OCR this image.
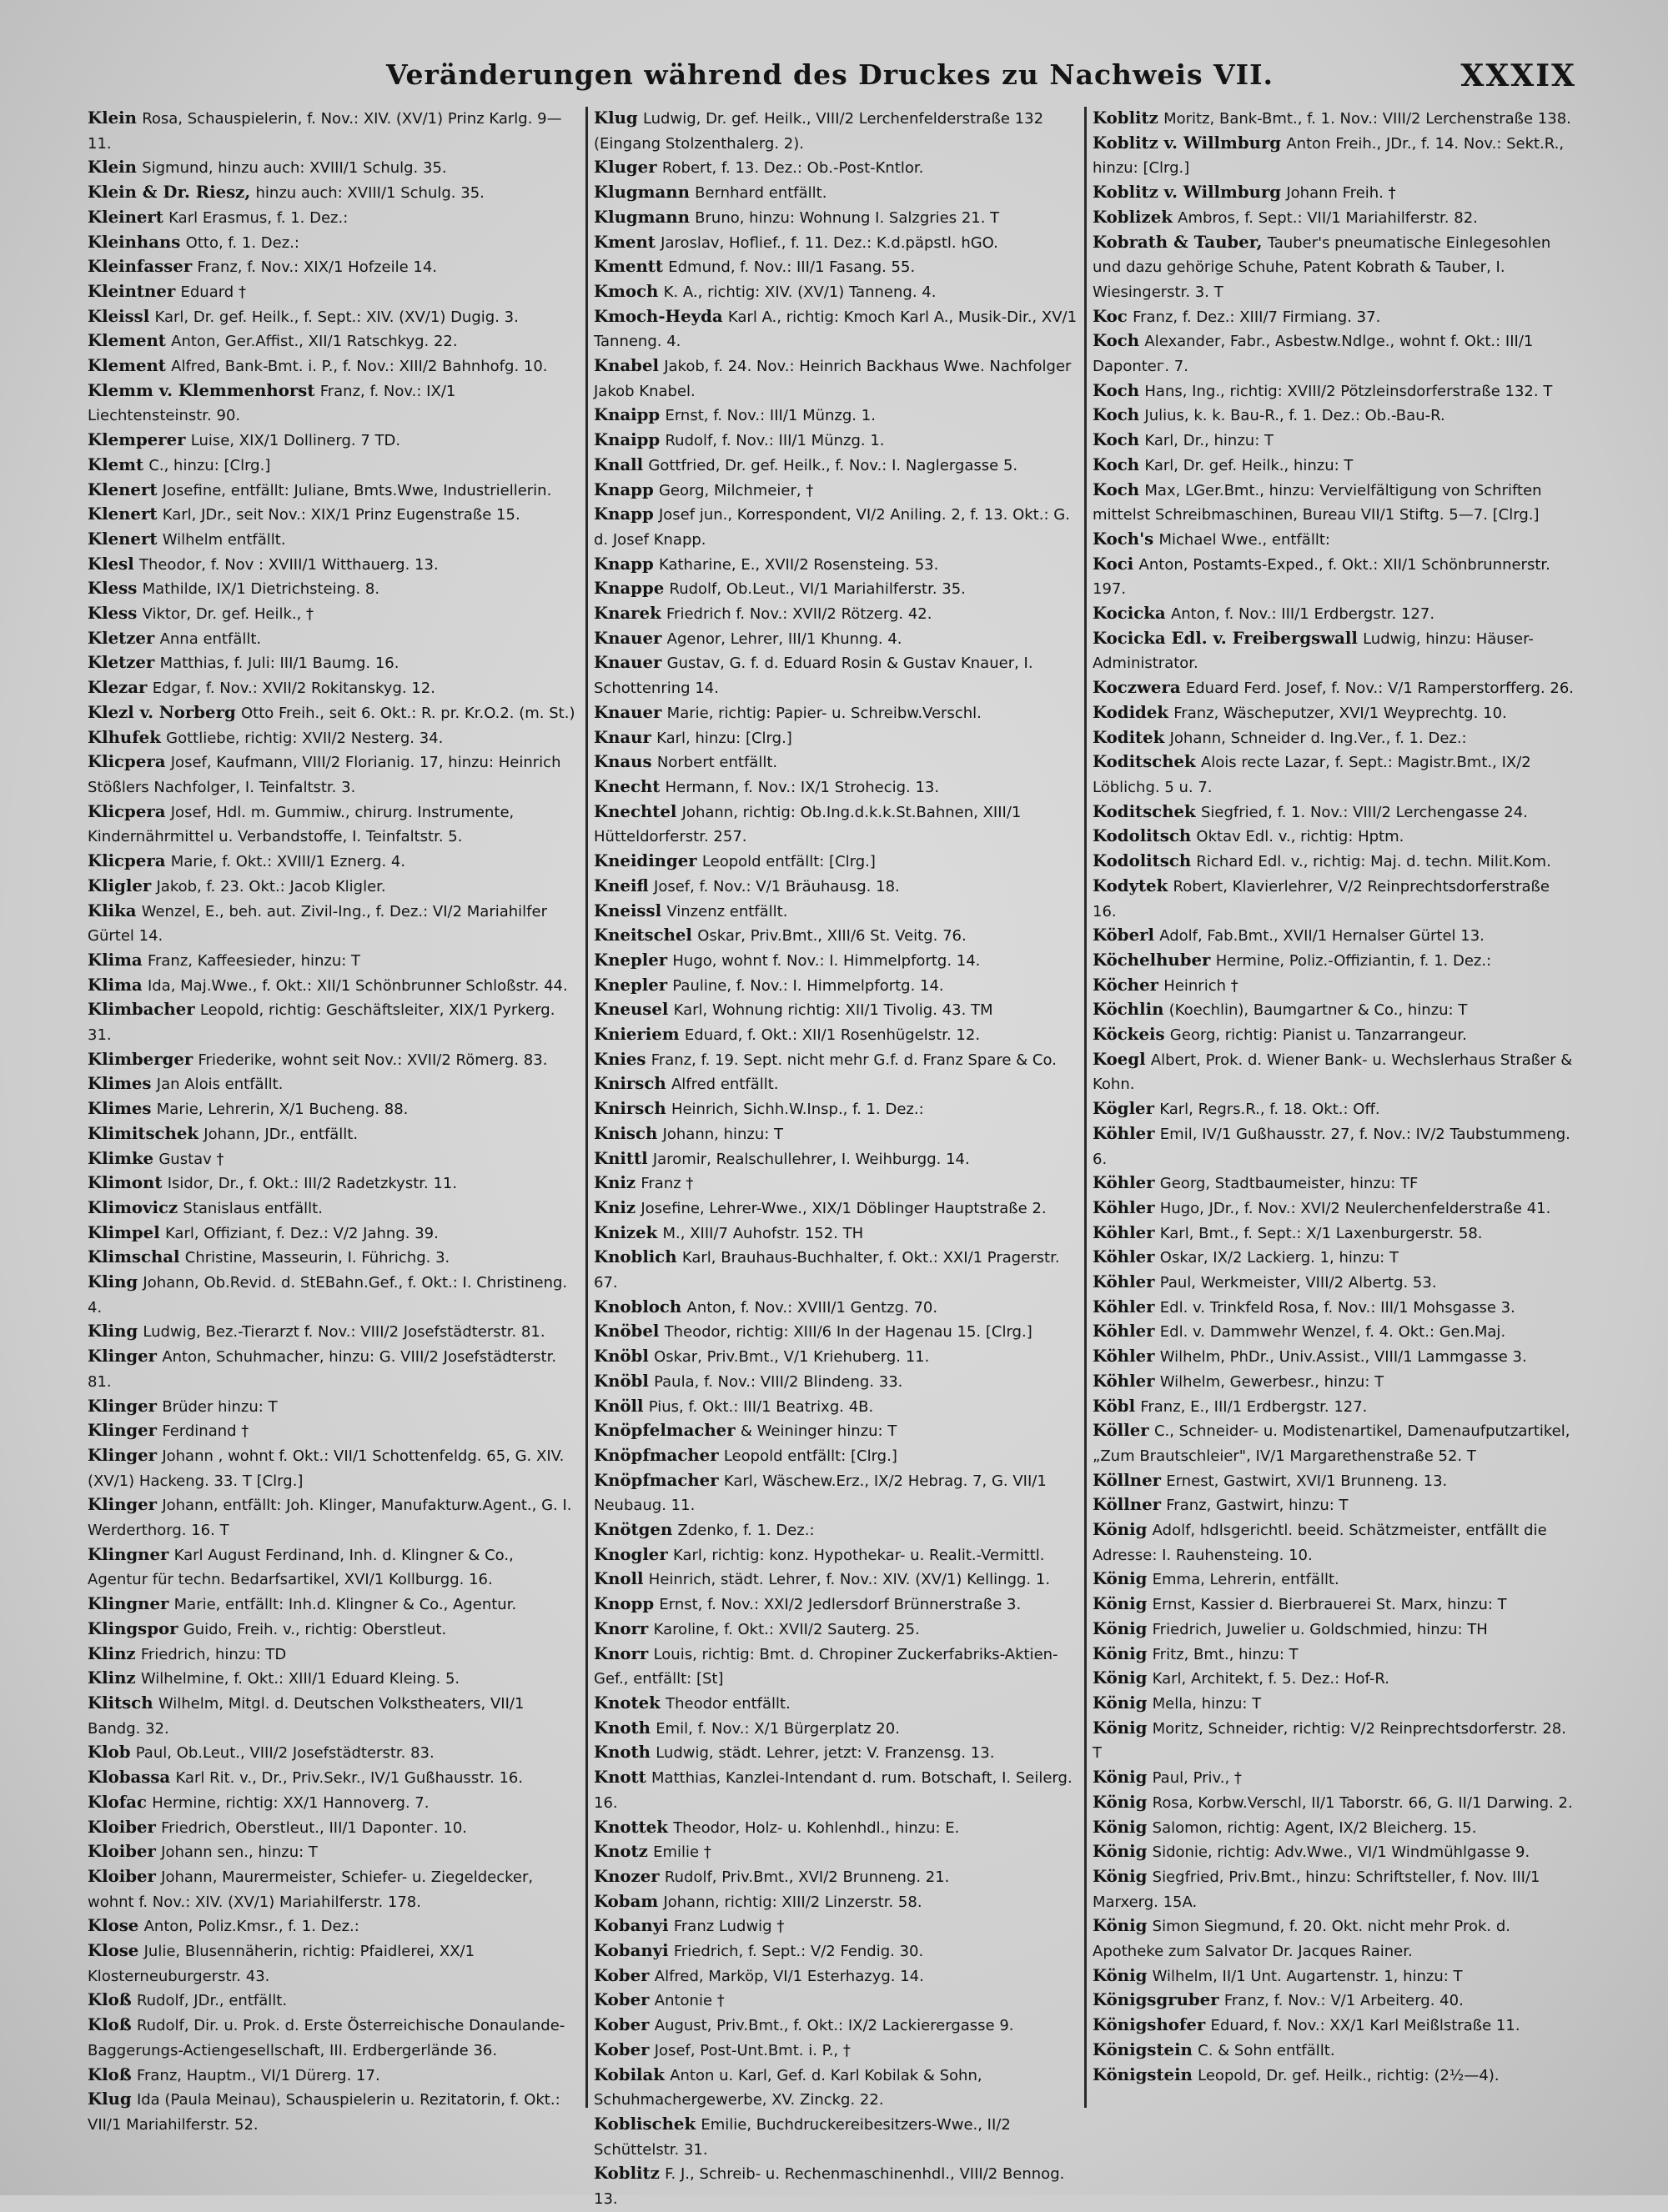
Veränderungen während des Druckes zu Nachweis VII.	XXXIX

Klein Rosa, Schauspielerin, f. Nov.: XIV. (XV/1) Prinz Karlg. 9—11.

Klein Sigmund, hinzu auch: XVIII/1 Schulg. 35.

Klein & Dr. Riesz, hinzu auch: XVIII/1 Schulg. 35.

Kleinert Karl Erasmus, f. 1. Dez.:

Kleinhans Otto, f. 1. Dez.:

Kleinfasser Franz, f. Nov.: XIX/1 Hofzeile 14.

Kleintner Eduard †

Kleissl Karl, Dr. gef. Heilk., f. Sept.: XIV. (XV/1) Dugig. 3.

Klement Anton, Ger.Affist., XII/1 Ratschkyg. 22.

Klement Alfred, Bank-Bmt. i. P., f. Nov.: XIII/2 Bahnhofg. 10.

Klemm v. Klemmenhorst Franz, f. Nov.: IX/1 Liechtensteinstr. 90.

Klemperer Luise, XIX/1 Dollinerg. 7 TD.

Klemt C., hinzu: [Clrg.]

Klenert Josefine, entfällt: Juliane, Bmts.Wwe, Industriellerin.

Klenert Karl, JDr., seit Nov.: XIX/1 Prinz Eugenstraße 15.

Klenert Wilhelm entfällt.

Klesl Theodor, f. Nov : XVIII/1 Witthauerg. 13.

Kless Mathilde, IX/1 Dietrichsteing. 8.

Kless Viktor, Dr. gef. Heilk., †

Kletzer Anna entfällt.

Kletzer Matthias, f. Juli: III/1 Baumg. 16.

Klezar Edgar, f. Nov.: XVII/2 Rokitanskyg. 12.

Klezl v. Norberg Otto Freih., seit 6. Okt.: R. pr. Kr.O.2. (m. St.)

Klhufek Gottliebe, richtig: XVII/2 Nesterg. 34.

Klicpera Josef, Kaufmann, VIII/2 Florianig. 17, hinzu: Heinrich Stößlers Nachfolger, I. Teinfaltstr. 3.

Klicpera Josef, Hdl. m. Gummiw., chirurg. Instrumente, Kindernährmittel u. Verbandstoffe, I. Teinfaltstr. 5.

Klicpera Marie, f. Okt.: XVIII/1 Eznerg. 4.

Kligler Jakob, f. 23. Okt.: Jacob Kligler.

Klika Wenzel, E., beh. aut. Zivil-Ing., f. Dez.: VI/2 Mariahilfer Gürtel 14.

Klima Franz, Kaffeesieder, hinzu: T

Klima Ida, Maj.Wwe., f. Okt.: XII/1 Schönbrunner Schloßstr. 44.

Klimbacher Leopold, richtig: Geschäftsleiter, XIX/1 Pyrkerg. 31.

Klimberger Friederike, wohnt seit Nov.: XVII/2 Römerg. 83.

Klimes Jan Alois entfällt.

Klimes Marie, Lehrerin, X/1 Bucheng. 88.

Klimitschek Johann, JDr., entfällt.

Klimke Gustav †

Klimont Isidor, Dr., f. Okt.: III/2 Radetzkystr. 11.

Klimovicz Stanislaus entfällt.

Klimpel Karl, Offiziant, f. Dez.: V/2 Jahng. 39.

Klimschal Christine, Masseurin, I. Führichg. 3.

Kling Johann, Ob.Revid. d. StEBahn.Gef., f. Okt.: I. Christineng. 4.

Kling Ludwig, Bez.-Tierarzt f. Nov.: VIII/2 Josefstädterstr. 81.

Klinger Anton, Schuhmacher, hinzu: G. VIII/2 Josefstädterstr. 81.

Klinger Brüder hinzu: T

Klinger Ferdinand †

Klinger Johann , wohnt f. Okt.: VII/1 Schottenfeldg. 65, G. XIV. (XV/1) Hackeng. 33. T [Clrg.]

Klinger Johann, entfällt: Joh. Klinger, Manufakturw.Agent., G. I. Werderthorg. 16. T

Klingner Karl August Ferdinand, Inh. d. Klingner & Co., Agentur für techn. Bedarfsartikel, XVI/1 Kollburgg. 16.

Klingner Marie, entfällt: Inh.d. Klingner & Co., Agentur.

Klingspor Guido, Freih. v., richtig: Oberstleut.

Klinz Friedrich, hinzu: TD

Klinz Wilhelmine, f. Okt.: XIII/1 Eduard Kleing. 5.

Klitsch Wilhelm, Mitgl. d. Deutschen Volkstheaters, VII/1 Bandg. 32.

Klob Paul, Ob.Leut., VIII/2 Josefstädterstr. 83.

Klobassa Karl Rit. v., Dr., Priv.Sekr., IV/1 Gußhausstr. 16.

Klofac Hermine, richtig: XX/1 Hannoverg. 7.

Kloiber Friedrich, Oberstleut., III/1 Dapontег. 10.

Kloiber Johann sen., hinzu: T

Kloiber Johann, Maurermeister, Schiefer- u. Ziegeldecker, wohnt f. Nov.: XIV. (XV/1) Mariahilferstr. 178.

Klose Anton, Poliz.Kmsr., f. 1. Dez.:

Klose Julie, Blusennäherin, richtig: Pfaidlerei, XX/1 Klosterneuburgerstr. 43.

Kloß Rudolf, JDr., entfällt.

Kloß Rudolf, Dir. u. Prok. d. Erste Österreichische Donaulande-Baggerungs-Actiengesellschaft, III. Erdbergerlände 36.

Kloß Franz, Hauptm., VI/1 Dürerg. 17.

Klug Ida (Paula Meinau), Schauspielerin u. Rezitatorin, f. Okt.: VII/1 Mariahilferstr. 52.

Klug Ludwig, Dr. gef. Heilk., VIII/2 Lerchenfelderstraße 132 (Eingang Stolzenthalerg. 2).

Kluger Robert, f. 13. Dez.: Ob.-Post-Kntlor.

Klugmann Bernhard entfällt.

Klugmann Bruno, hinzu: Wohnung I. Salzgries 21. T

Kment Jaroslav, Hoflief., f. 11. Dez.: K.d.päpstl. hGO.

Kmentt Edmund, f. Nov.: III/1 Fasang. 55.

Kmoch K. A., richtig: XIV. (XV/1) Tanneng. 4.

Kmoch-Heyda Karl A., richtig: Kmoch Karl A., Musik-Dir., XV/1 Tanneng. 4.

Knabel Jakob, f. 24. Nov.: Heinrich Backhaus Wwe. Nachfolger Jakob Knabel.

Knaipp Ernst, f. Nov.: III/1 Münzg. 1.

Knaipp Rudolf, f. Nov.: III/1 Münzg. 1.

Knall Gottfried, Dr. gef. Heilk., f. Nov.: I. Naglergasse 5.

Knapp Georg, Milchmeier, †

Knapp Josef jun., Korrespondent, VI/2 Aniling. 2, f. 13. Okt.: G. d. Josef Knapp.

Knapp Katharine, E., XVII/2 Rosensteing. 53.

Knappe Rudolf, Ob.Leut., VI/1 Mariahilferstr. 35.

Knarek Friedrich f. Nov.: XVII/2 Rötzerg. 42.

Knauer Agenor, Lehrer, III/1 Khunng. 4.

Knauer Gustav, G. f. d. Eduard Rosin & Gustav Knauer, I. Schottenring 14.

Knauer Marie, richtig: Papier- u. Schreibw.Verschl.

Knaur Karl, hinzu: [Clrg.]

Knaus Norbert entfällt.

Knecht Hermann, f. Nov.: IX/1 Strohecig. 13.

Knechtel Johann, richtig: Ob.Ing.d.k.k.St.Bahnen, XIII/1 Hütteldorferstr. 257.

Kneidinger Leopold entfällt: [Clrg.]

Kneifl Josef, f. Nov.: V/1 Bräuhausg. 18.

Kneissl Vinzenz entfällt.

Kneitschel Oskar, Priv.Bmt., XIII/6 St. Veitg. 76.

Knepler Hugo, wohnt f. Nov.: I. Himmelpfortg. 14.

Knepler Pauline, f. Nov.: I. Himmelpfortg. 14.

Kneusel Karl, Wohnung richtig: XII/1 Tivolig. 43. TM

Knieriem Eduard, f. Okt.: XII/1 Rosenhügelstr. 12.

Knies Franz, f. 19. Sept. nicht mehr G.f. d. Franz Spare & Co.

Knirsch Alfred entfällt.

Knirsch Heinrich, Sichh.W.Insp., f. 1. Dez.:

Knisch Johann, hinzu: T

Knittl Jaromir, Realschullehrer, I. Weihburgg. 14.

Kniz Franz †

Kniz Josefine, Lehrer-Wwe., XIX/1 Döblinger Hauptstraße 2.

Knizek M., XIII/7 Auhofstr. 152. TH

Knoblich Karl, Brauhaus-Buchhalter, f. Okt.: XXI/1 Pragerstr. 67.

Knobloch Anton, f. Nov.: XVIII/1 Gentzg. 70.

Knöbel Theodor, richtig: XIII/6 In der Hagenau 15. [Clrg.]

Knöbl Oskar, Priv.Bmt., V/1 Kriehuberg. 11.

Knöbl Paula, f. Nov.: VIII/2 Blindeng. 33.

Knöll Pius, f. Okt.: III/1 Beatrixg. 4B.

Knöpfelmacher & Weininger hinzu: T

Knöpfmacher Leopold entfällt: [Clrg.]

Knöpfmacher Karl, Wäschew.Erz., IX/2 Hebrag. 7, G. VII/1 Neubaug. 11.

Knötgen Zdenko, f. 1. Dez.:

Knogler Karl, richtig: konz. Hypothekar- u. Realit.-Vermittl.

Knoll Heinrich, städt. Lehrer, f. Nov.: XIV. (XV/1) Kellingg. 1.

Knopp Ernst, f. Nov.: XXI/2 Jedlersdorf Brünnerstraße 3.

Knorr Karoline, f. Okt.: XVII/2 Sauterg. 25.

Knorr Louis, richtig: Bmt. d. Chropiner Zuckerfabriks-Aktien-Gef., entfällt: [St]

Knotek Theodor entfällt.

Knoth Emil, f. Nov.: X/1 Bürgerplatz 20.

Knoth Ludwig, städt. Lehrer, jetzt: V. Franzensg. 13.

Knott Matthias, Kanzlei-Intendant d. rum. Botschaft, I. Seilerg. 16.

Knottek Theodor, Holz- u. Kohlenhdl., hinzu: E.

Knotz Emilie †

Knozer Rudolf, Priv.Bmt., XVI/2 Brunneng. 21.

Kobam Johann, richtig: XIII/2 Linzerstr. 58.

Kobanyi Franz Ludwig †

Kobanyi Friedrich, f. Sept.: V/2 Fendig. 30.

Kober Alfred, Marköр, VI/1 Esterhazyg. 14.

Kober Antonie †

Kober August, Priv.Bmt., f. Okt.: IX/2 Lackierergasse 9.

Kober Josef, Post-Unt.Bmt. i. P., †

Kobilak Anton u. Karl, Gef. d. Karl Kobilak & Sohn, Schuhmachergewerbe, XV. Zinckg. 22.

Koblischek Emilie, Buchdruckereibesitzers-Wwe., II/2 Schüttelstr. 31.

Koblitz F. J., Schreib- u. Rechenmaschinenhdl., VIII/2 Bennog. 13.

Koblitz Moritz, Bank-Bmt., f. 1. Nov.: VIII/2 Lerchenstraße 138.

Koblitz v. Willmburg Anton Freih., JDr., f. 14. Nov.: Sekt.R., hinzu: [Clrg.]

Koblitz v. Willmburg Johann Freih. †

Koblizek Ambros, f. Sept.: VII/1 Mariahilferstr. 82.

Kobrath & Tauber, Tauber's pneumatische Einlegesohlen und dazu gehörige Schuhe, Patent Kobrath & Tauber, I. Wiesingerstr. 3. T

Koc Franz, f. Dez.: XIII/7 Firmiang. 37.

Koch Alexander, Fabr., Asbestw.Ndlge., wohnt f. Okt.: III/1 Dapontег. 7.

Koch Hans, Ing., richtig: XVIII/2 Pötzleinsdorferstraße 132. T

Koch Julius, k. k. Bau-R., f. 1. Dez.: Ob.-Bau-R.

Koch Karl, Dr., hinzu: T

Koch Karl, Dr. gef. Heilk., hinzu: T

Koch Max, LGer.Bmt., hinzu: Vervielfältigung von Schriften mittelst Schreibmaschinen, Bureau VII/1 Stiftg. 5—7. [Clrg.]

Koch's Michael Wwe., entfällt:

Koci Anton, Postamts-Exped., f. Okt.: XII/1 Schönbrunnerstr. 197.

Kocicka Anton, f. Nov.: III/1 Erdbergstr. 127.

Kocicka Edl. v. Freibergswall Ludwig, hinzu: Häuser-Administrator.

Koczwera Eduard Ferd. Josef, f. Nov.: V/1 Ramperstorfferg. 26.

Kodidek Franz, Wäscheputzer, XVI/1 Weyprechtg. 10.

Koditek Johann, Schneider d. Ing.Ver., f. 1. Dez.:

Koditschek Alois recte Lazar, f. Sept.: Magistr.Bmt., IX/2 Löblichg. 5 u. 7.

Koditschek Siegfried, f. 1. Nov.: VIII/2 Lerchengasse 24.

Kodolitsch Oktav Edl. v., richtig: Hptm.

Kodolitsch Richard Edl. v., richtig: Maj. d. techn. Milit.Kom.

Kodytek Robert, Klavierlehrer, V/2 Reinprechtsdorferstraße 16.

Köberl Adolf, Fab.Bmt., XVII/1 Hernalser Gürtel 13.

Köchelhuber Hermine, Poliz.-Offiziantin, f. 1. Dez.:

Köcher Heinrich †

Köchlin (Koechlin), Baumgartner & Co., hinzu: T

Köckeis Georg, richtig: Pianist u. Tanzarrangeur.

Koegl Albert, Prok. d. Wiener Bank- u. Wechslerhaus Straßer & Kohn.

Kögler Karl, Regrs.R., f. 18. Okt.: Off.

Köhler Emil, IV/1 Gußhausstr. 27, f. Nov.: IV/2 Taubstummeng. 6.

Köhler Georg, Stadtbaumeister, hinzu: TF

Köhler Hugo, JDr., f. Nov.: XVI/2 Neulerchenfelderstraße 41.

Köhler Karl, Bmt., f. Sept.: X/1 Laxenburgerstr. 58.

Köhler Oskar, IX/2 Lackierg. 1, hinzu: T

Köhler Paul, Werkmeister, VIII/2 Albertg. 53.

Köhler Edl. v. Trinkfeld Rosa, f. Nov.: III/1 Mohsgasse 3.

Köhler Edl. v. Dammwehr Wenzel, f. 4. Okt.: Gen.Maj.

Köhler Wilhelm, PhDr., Univ.Assist., VIII/1 Lammgasse 3.

Köhler Wilhelm, Gewerbesr., hinzu: T

Köbl Franz, E., III/1 Erdbergstr. 127.

Köller C., Schneider- u. Modistenartikel, Damenaufputzartikel, „Zum Brautschleier", IV/1 Margarethenstraße 52. T

Köllner Ernest, Gastwirt, XVI/1 Brunneng. 13.

Köllner Franz, Gastwirt, hinzu: T

König Adolf, hdlsgerichtl. beeid. Schätzmeister, entfällt die Adresse: I. Rauhensteing. 10.

König Emma, Lehrerin, entfällt.

König Ernst, Kassier d. Bierbrauerei St. Marx, hinzu: T

König Friedrich, Juwelier u. Goldschmied, hinzu: TH

König Fritz, Bmt., hinzu: T

König Karl, Architekt, f. 5. Dez.: Hof-R.

König Mella, hinzu: T

König Moritz, Schneider, richtig: V/2 Reinprechtsdorferstr. 28. T

König Paul, Priv., †

König Rosa, Korbw.Verschl, II/1 Taborstr. 66, G. II/1 Darwing. 2.

König Salomon, richtig: Agent, IX/2 Bleicherg. 15.

König Sidonie, richtig: Adv.Wwe., VI/1 Windmühlgasse 9.

König Siegfried, Priv.Bmt., hinzu: Schriftsteller, f. Nov. III/1 Marxerg. 15A.

König Simon Siegmund, f. 20. Okt. nicht mehr Prok. d. Apotheke zum Salvator Dr. Jacques Rainer.

König Wilhelm, II/1 Unt. Augartenstr. 1, hinzu: T

Königsgruber Franz, f. Nov.: V/1 Arbeiterg. 40.

Königshofer Eduard, f. Nov.: XX/1 Karl Meißlstraße 11.

Königstein C. & Sohn entfällt.

Königstein Leopold, Dr. gef. Heilk., richtig: (2½—4).
